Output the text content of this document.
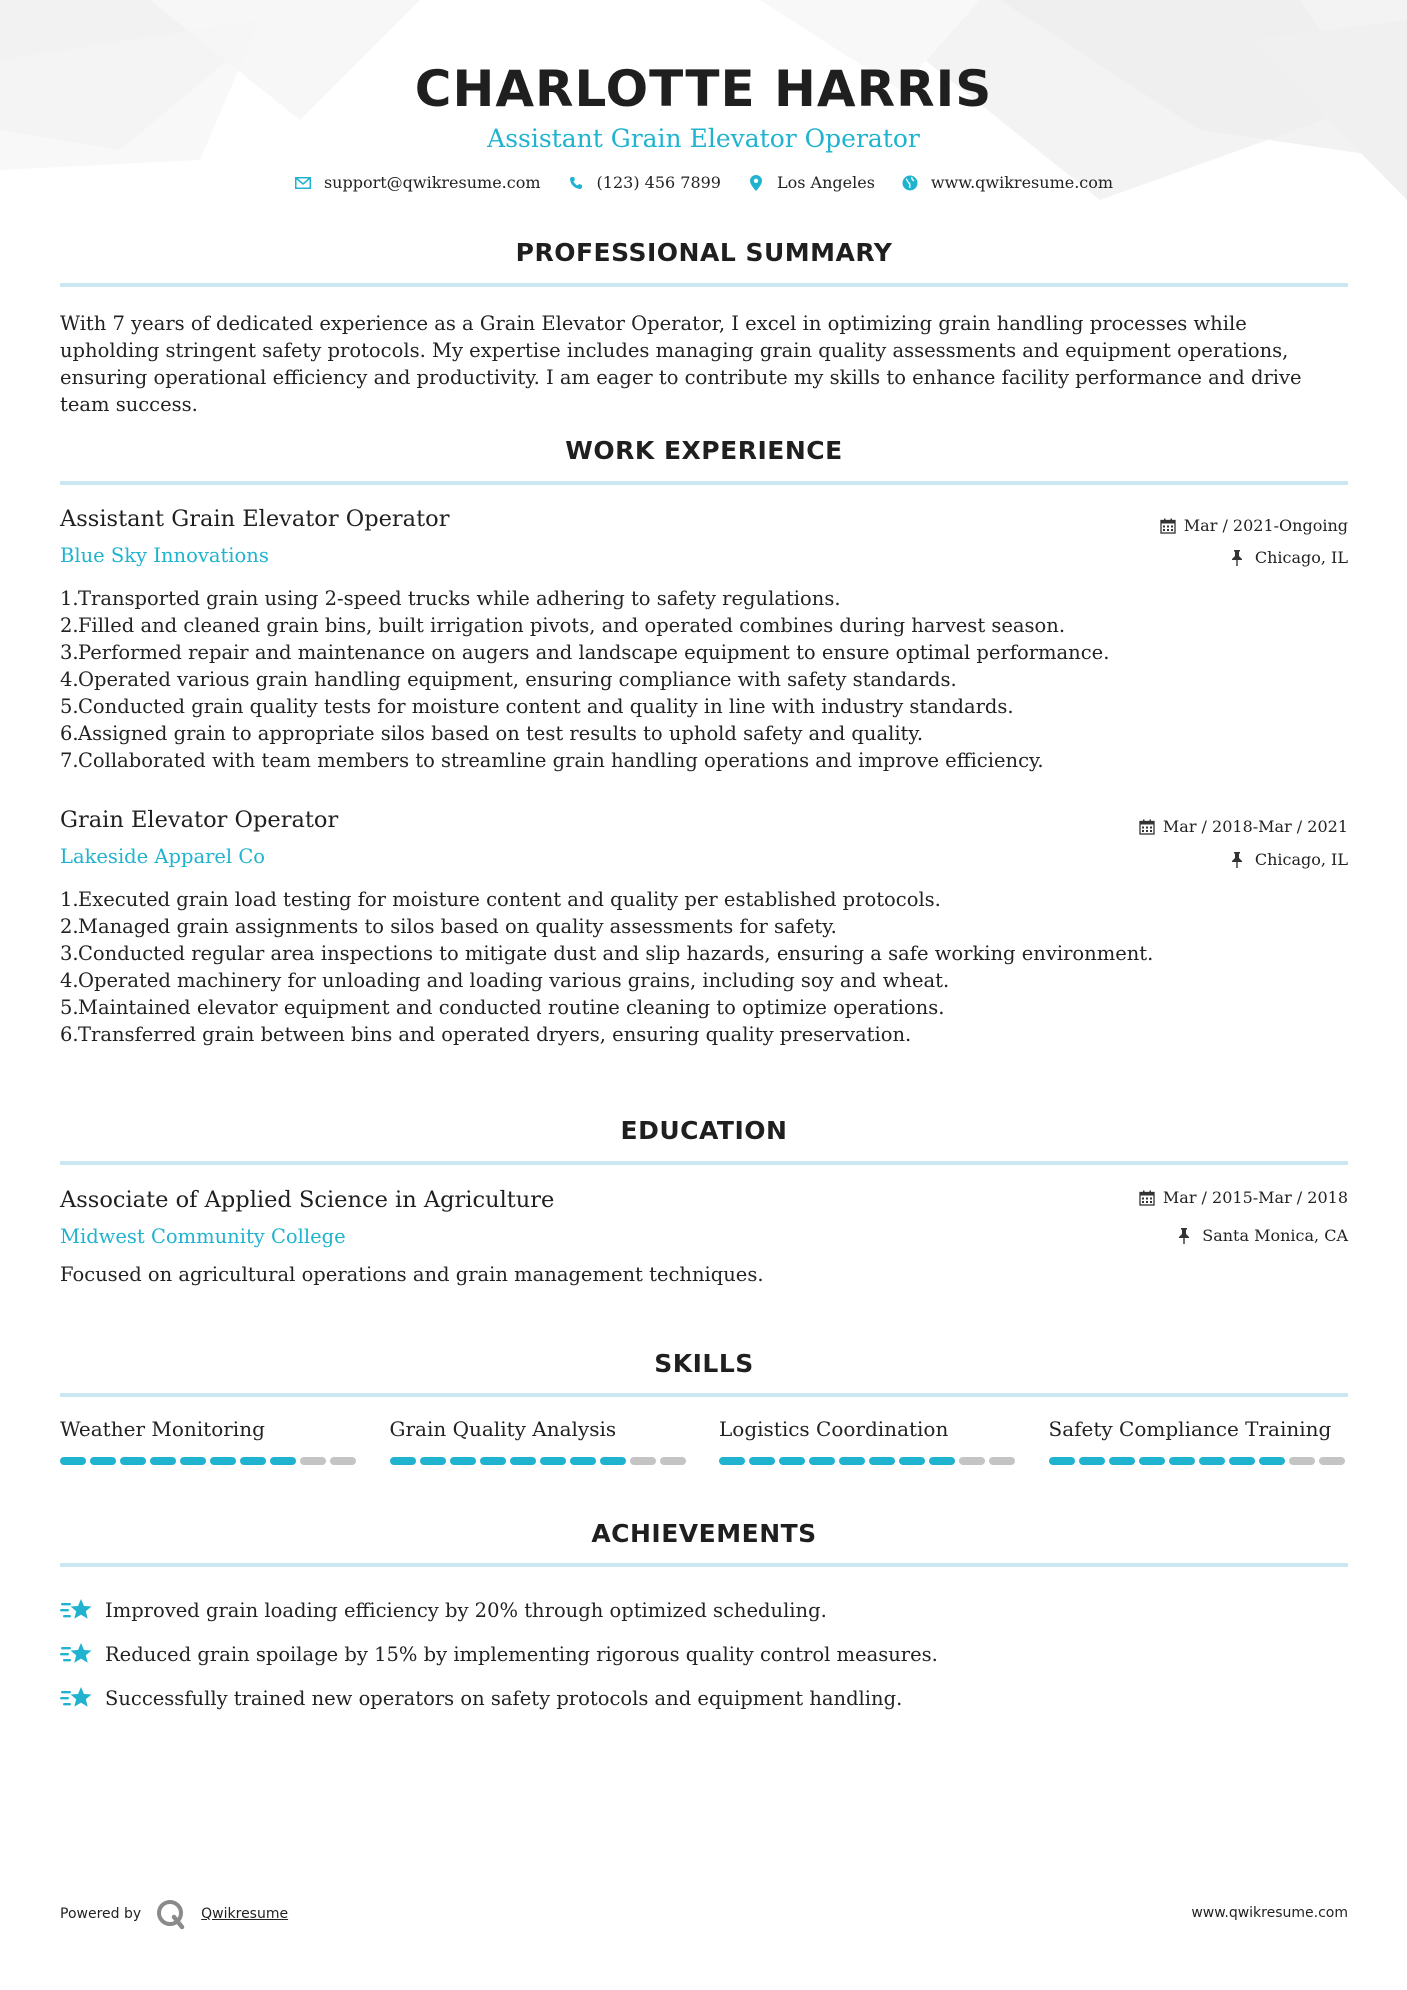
CHARLOTTE HARRIS
Assistant Grain Elevator Operator
support@qwikresume.com	(123) 456 7899	Los Angeles	www.qwikresume.com
PROFESSIONAL SUMMARY
With 7 years of dedicated experience as a Grain Elevator Operator, I excel in optimizing grain handling processes while upholding stringent safety protocols. My expertise includes managing grain quality assessments and equipment operations, ensuring operational efficiency and productivity. I am eager to contribute my skills to enhance facility performance and drive team success.
WORK EXPERIENCE
Assistant Grain Elevator Operator
Blue Sky Innovations
Mar / 2021-Ongoing
Chicago, IL
1. Transported grain using 2-speed trucks while adhering to safety regulations.
2. Filled and cleaned grain bins, built irrigation pivots, and operated combines during harvest season.
3. Performed repair and maintenance on augers and landscape equipment to ensure optimal performance.
4. Operated various grain handling equipment, ensuring compliance with safety standards.
5. Conducted grain quality tests for moisture content and quality in line with industry standards.
6. Assigned grain to appropriate silos based on test results to uphold safety and quality.
7. Collaborated with team members to streamline grain handling operations and improve efficiency.
Grain Elevator Operator
Lakeside Apparel Co
Mar / 2018-Mar / 2021
Chicago, IL
1. Executed grain load testing for moisture content and quality per established protocols.
2. Managed grain assignments to silos based on quality assessments for safety.
3. Conducted regular area inspections to mitigate dust and slip hazards, ensuring a safe working environment.
4. Operated machinery for unloading and loading various grains, including soy and wheat.
5. Maintained elevator equipment and conducted routine cleaning to optimize operations.
6. Transferred grain between bins and operated dryers, ensuring quality preservation.
EDUCATION
Associate of Applied Science in Agriculture
Midwest Community College
Mar / 2015-Mar / 2018
Santa Monica, CA
Focused on agricultural operations and grain management techniques.
SKILLS
Weather Monitoring	Grain Quality Analysis	Logistics Coordination	Safety Compliance Training
ACHIEVEMENTS
Improved grain loading efficiency by 20% through optimized scheduling.
Reduced grain spoilage by 15% by implementing rigorous quality control measures.
Successfully trained new operators on safety protocols and equipment handling.
Powered by	Qwikresume	www.qwikresume.com
